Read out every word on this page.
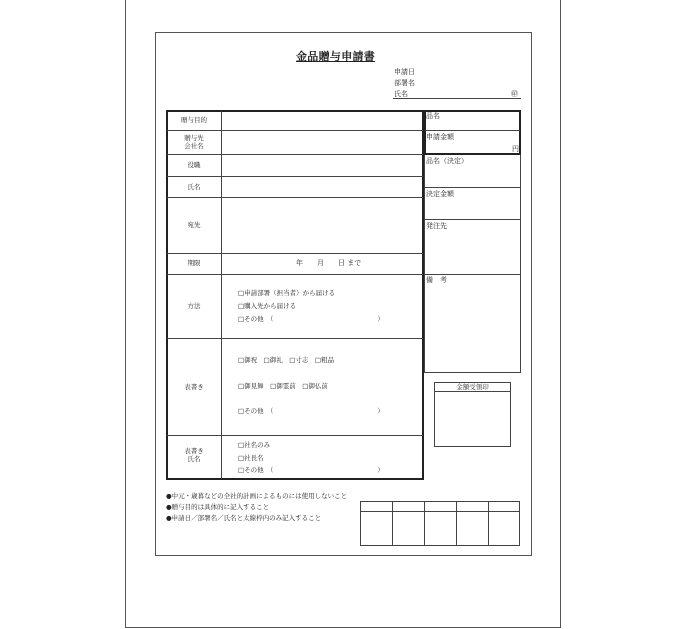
金品贈与申請書
申請日
部署名
氏名	㊞
贈与目的
贈与先
会社名
役職
氏名
宛先
期限
方法
表書き
表書き
氏名
年　　月　　日 まで
□申請部署（担当者）から届ける
□購入先から届ける
□その他　（　　　　　　　　　　　　　　　　）
□御祝　□御礼　□寸志　□粗品
□御見舞　□御霊前　□御仏前
□その他　（　　　　　　　　　　　　　　　　）
□社名のみ
□社長名
□その他　（　　　　　　　　　　　　　　　　）
品名
申請金額
円
品名（決定）
決定金額
発注先
備　考
金額受領印
●中元・歳暮などの全社的計画によるものには使用しないこと
●贈与目的は具体的に記入すること
●申請日／部署名／氏名と太線枠内のみ記入すること
